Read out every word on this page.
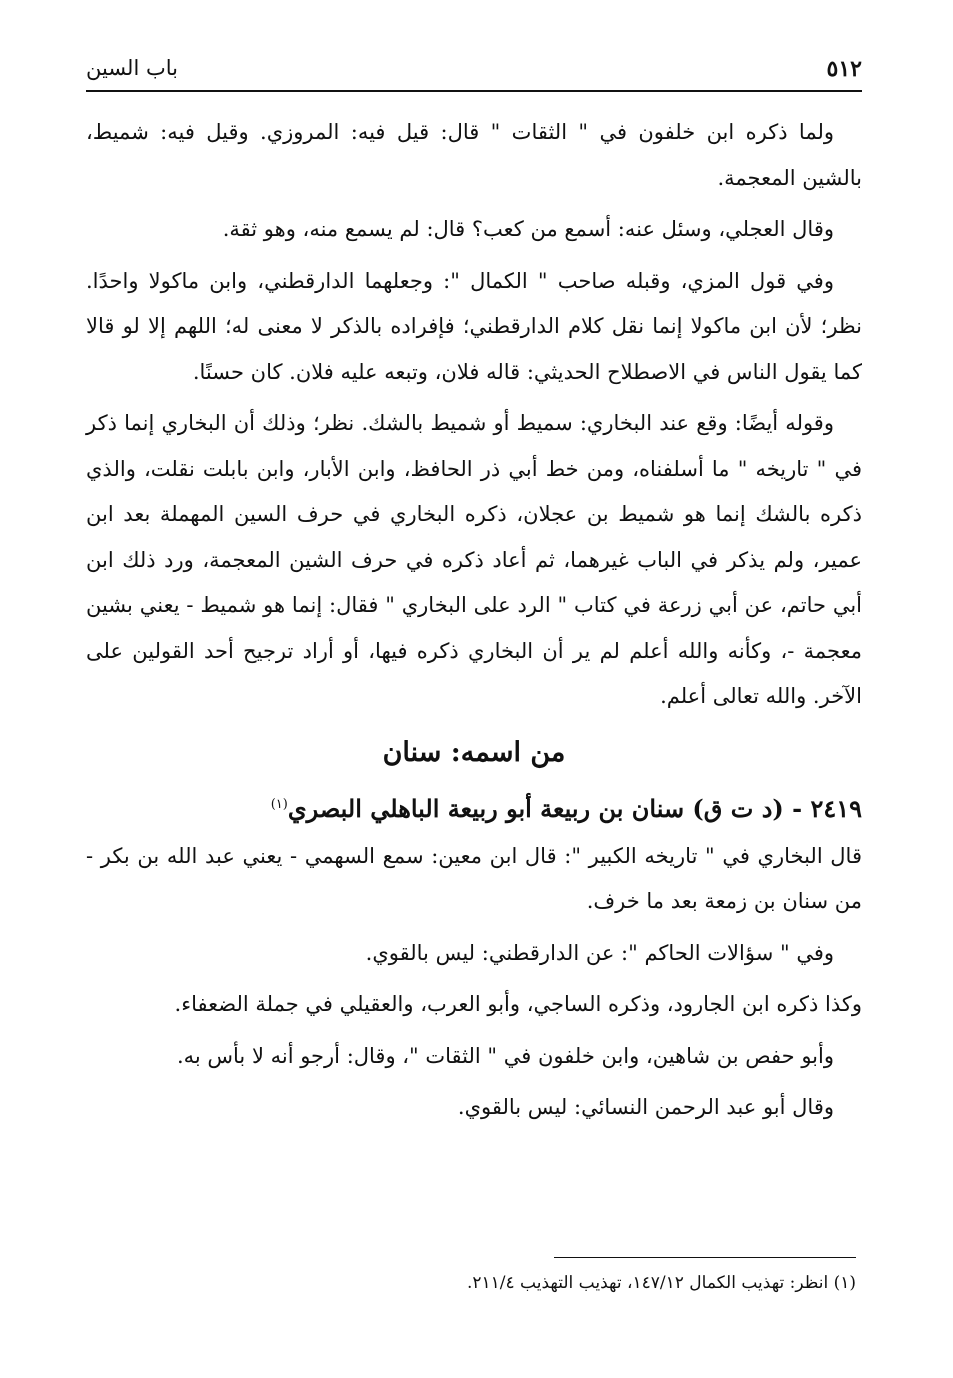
٥١٢
باب السين

ولما ذكره ابن خلفون في " الثقات " قال: قيل فيه: المروزي. وقيل فيه: شميط، بالشين المعجمة.

وقال العجلي، وسئل عنه: أسمع من كعب؟ قال: لم يسمع منه، وهو ثقة.

وفي قول المزي، وقبله صاحب " الكمال ": وجعلهما الدارقطني، وابن ماكولا واحدًا. نظر؛ لأن ابن ماكولا إنما نقل كلام الدارقطني؛ فإفراده بالذكر لا معنى له؛ اللهم إلا لو قالا كما يقول الناس في الاصطلاح الحديثي: قاله فلان، وتبعه عليه فلان. كان حسنًا.

وقوله أيضًا: وقع عند البخاري: سميط أو شميط بالشك. نظر؛ وذلك أن البخاري إنما ذكر في " تاريخه " ما أسلفناه، ومن خط أبي ذر الحافظ، وابن الأبار، وابن بابلت نقلت، والذي ذكره بالشك إنما هو شميط بن عجلان، ذكره البخاري في حرف السين المهملة بعد ابن عمير، ولم يذكر في الباب غيرهما، ثم أعاد ذكره في حرف الشين المعجمة، ورد ذلك ابن أبي حاتم، عن أبي زرعة في كتاب " الرد على البخاري " فقال: إنما هو شميط - يعني بشين معجمة -، وكأنه والله أعلم لم ير أن البخاري ذكره فيها، أو أراد ترجيح أحد القولين على الآخر. والله تعالى أعلم.

من اسمه: سنان
٢٤١٩ - (د ت ق) سنان بن ربيعة أبو ربيعة الباهلي البصري$^{(١)}$

قال البخاري في " تاريخه الكبير ": قال ابن معين: سمع السهمي - يعني عبد الله بن بكر - من سنان بن زمعة بعد ما خرف.

وفي " سؤالات الحاكم ": عن الدارقطني: ليس بالقوي.

وكذا ذكره ابن الجارود، وذكره الساجي، وأبو العرب، والعقيلي في جملة الضعفاء.

وأبو حفص بن شاهين، وابن خلفون في " الثقات "، وقال: أرجو أنه لا بأس به.

وقال أبو عبد الرحمن النسائي: ليس بالقوي.

(١) انظر: تهذيب الكمال ١٤٧/١٢، تهذيب التهذيب ٢١١/٤.
